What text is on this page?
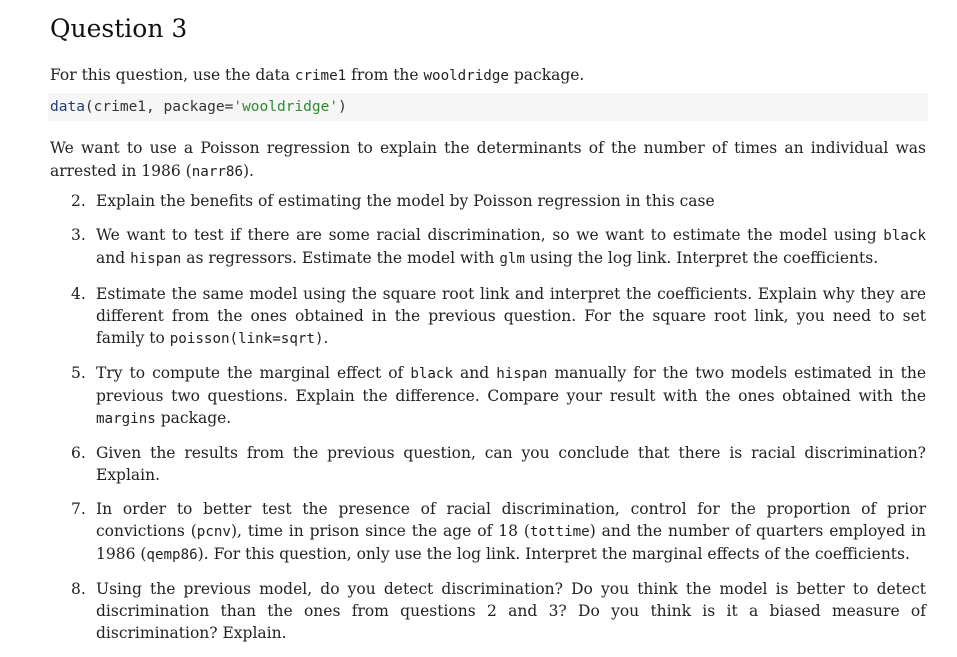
Question 3

For this question, use the data crime1 from the wooldridge package.

data(crime1, package='wooldridge')

We want to use a Poisson regression to explain the determinants of the number of times an individual was arrested in 1986 (narr86).

2. Explain the benefits of estimating the model by Poisson regression in this case
3. We want to test if there are some racial discrimination, so we want to estimate the model using black and hispan as regressors. Estimate the model with glm using the log link. Interpret the coefficients.
4. Estimate the same model using the square root link and interpret the coefficients. Explain why they are different from the ones obtained in the previous question. For the square root link, you need to set family to poisson(link=sqrt).
5. Try to compute the marginal effect of black and hispan manually for the two models estimated in the previous two questions. Explain the difference. Compare your result with the ones obtained with the margins package.
6. Given the results from the previous question, can you conclude that there is racial discrimination? Explain.
7. In order to better test the presence of racial discrimination, control for the proportion of prior convictions (pcnv), time in prison since the age of 18 (tottime) and the number of quarters employed in 1986 (qemp86). For this question, only use the log link. Interpret the marginal effects of the coefficients.
8. Using the previous model, do you detect discrimination? Do you think the model is better to detect discrimination than the ones from questions 2 and 3? Do you think is it a biased measure of discrimination? Explain.
